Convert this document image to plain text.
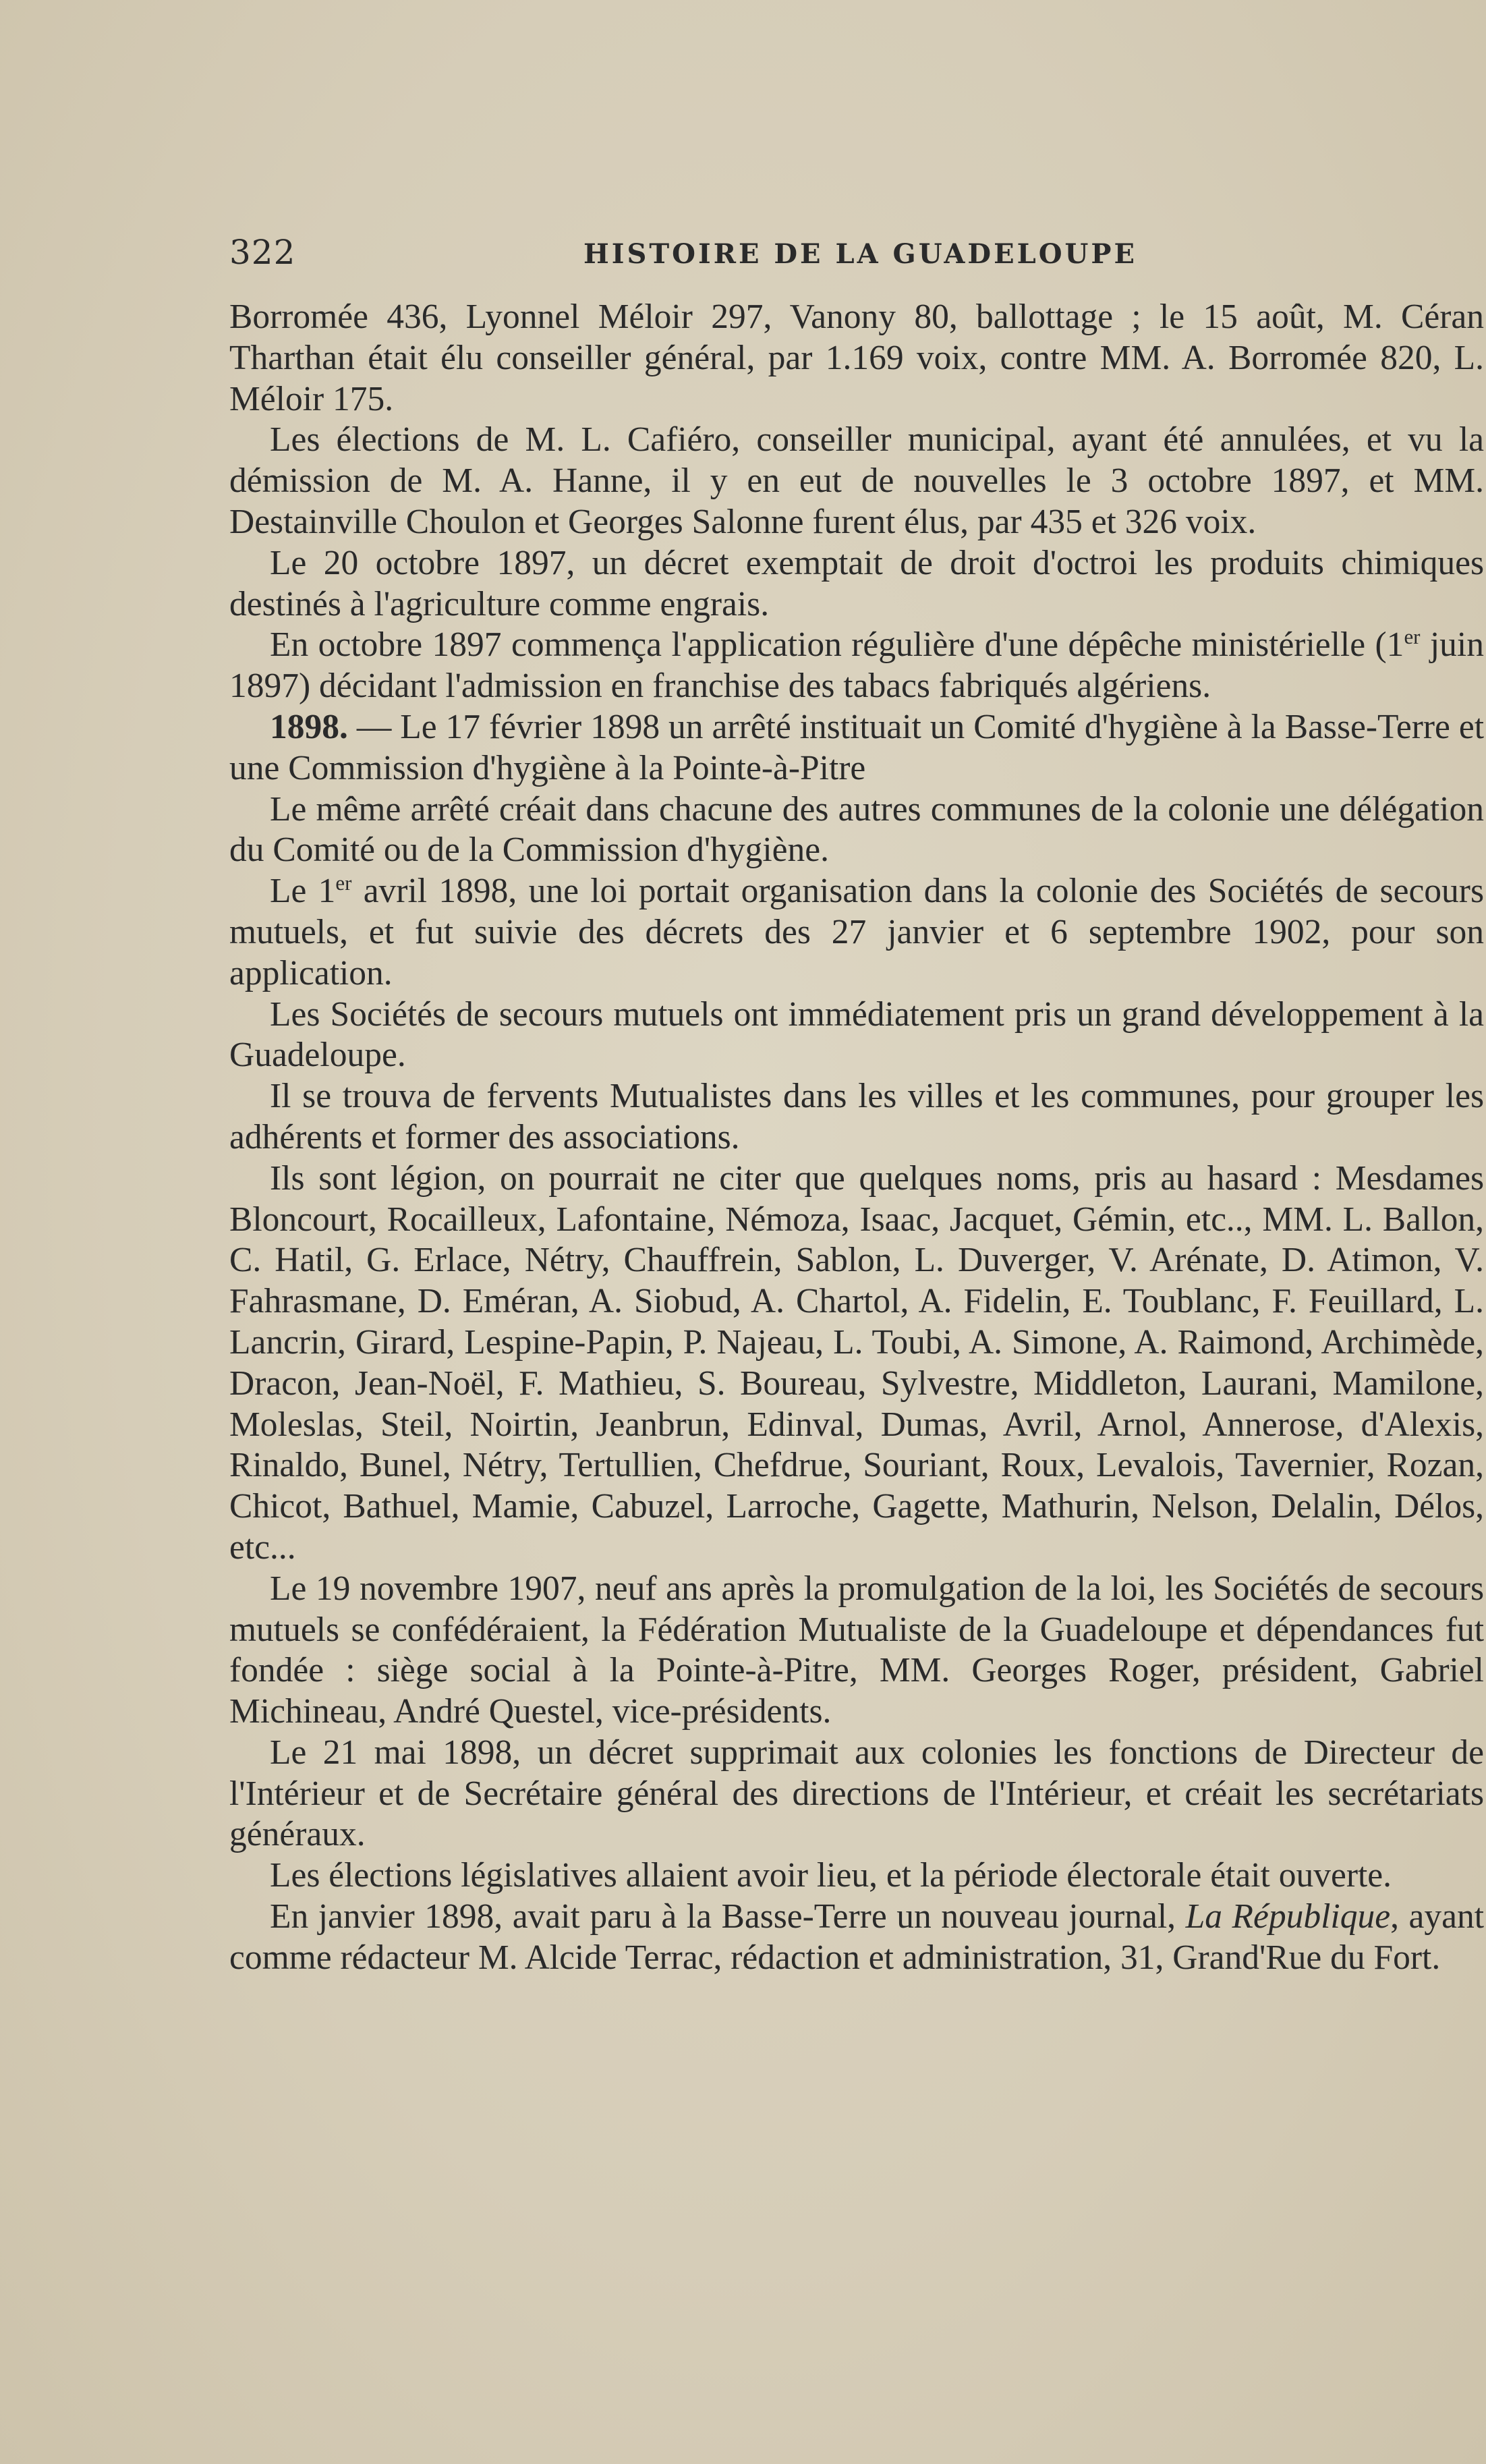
322	HISTOIRE DE LA GUADELOUPE

Borromée 436, Lyonnel Méloir 297, Vanony 80, ballottage ; le 15 août, M. Céran Tharthan était élu conseiller général, par 1.169 voix, contre MM. A. Borromée 820, L. Méloir 175.

Les élections de M. L. Cafiéro, conseiller municipal, ayant été annulées, et vu la démission de M. A. Hanne, il y en eut de nouvelles le 3 octobre 1897, et MM. Destainville Choulon et Georges Salonne furent élus, par 435 et 326 voix.

Le 20 octobre 1897, un décret exemptait de droit d'octroi les produits chimiques destinés à l'agriculture comme engrais.

En octobre 1897 commença l'application régulière d'une dépêche ministérielle (1er juin 1897) décidant l'admission en franchise des tabacs fabriqués algériens.

1898. — Le 17 février 1898 un arrêté instituait un Comité d'hygiène à la Basse-Terre et une Commission d'hygiène à la Pointe-à-Pitre

Le même arrêté créait dans chacune des autres communes de la colonie une délégation du Comité ou de la Commission d'hygiène.

Le 1er avril 1898, une loi portait organisation dans la colonie des Sociétés de secours mutuels, et fut suivie des décrets des 27 janvier et 6 septembre 1902, pour son application.

Les Sociétés de secours mutuels ont immédiatement pris un grand développement à la Guadeloupe.

Il se trouva de fervents Mutualistes dans les villes et les communes, pour grouper les adhérents et former des associations.

Ils sont légion, on pourrait ne citer que quelques noms, pris au hasard : Mesdames Bloncourt, Rocailleux, Lafontaine, Némoza, Isaac, Jacquet, Gémin, etc.., MM. L. Ballon, C. Hatil, G. Erlace, Nétry, Chauffrein, Sablon, L. Duverger, V. Arénate, D. Atimon, V. Fahrasmane, D. Eméran, A. Siobud, A. Chartol, A. Fidelin, E. Toublanc, F. Feuillard, L. Lancrin, Girard, Lespine-Papin, P. Najeau, L. Toubi, A. Simone, A. Raimond, Archimède, Dracon, Jean-Noël, F. Mathieu, S. Boureau, Sylvestre, Middleton, Laurani, Mamilone, Moleslas, Steil, Noirtin, Jeanbrun, Edinval, Dumas, Avril, Arnol, Annerose, d'Alexis, Rinaldo, Bunel, Nétry, Tertullien, Chefdrue, Souriant, Roux, Levalois, Tavernier, Rozan, Chicot, Bathuel, Mamie, Cabuzel, Larroche, Gagette, Mathurin, Nelson, Delalin, Délos, etc...

Le 19 novembre 1907, neuf ans après la promulgation de la loi, les Sociétés de secours mutuels se confédéraient, la Fédération Mutualiste de la Guadeloupe et dépendances fut fondée : siège social à la Pointe-à-Pitre, MM. Georges Roger, président, Gabriel Michineau, André Questel, vice-présidents.

Le 21 mai 1898, un décret supprimait aux colonies les fonctions de Directeur de l'Intérieur et de Secrétaire général des directions de l'Intérieur, et créait les secrétariats généraux.

Les élections législatives allaient avoir lieu, et la période électorale était ouverte.

En janvier 1898, avait paru à la Basse-Terre un nouveau journal, La République, ayant comme rédacteur M. Alcide Terrac, rédaction et administration, 31, Grand'Rue du Fort.
